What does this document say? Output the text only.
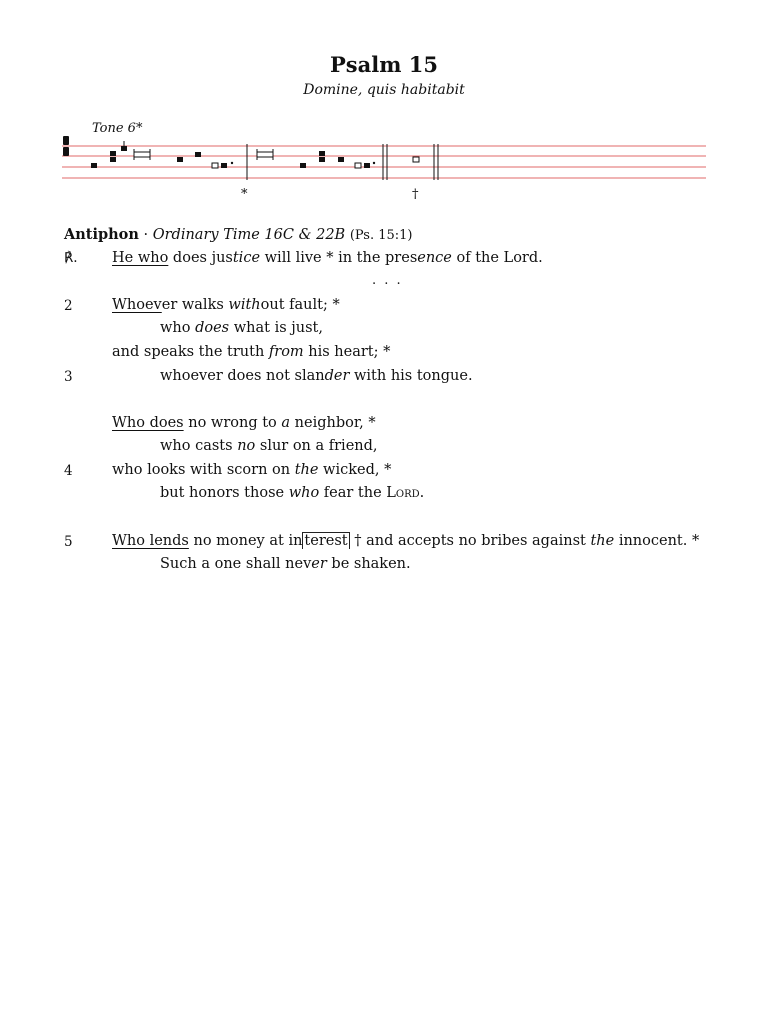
Psalm 15
Domine, quis habitabit
Tone 6*
*	†
Antiphon · Ordinary Time 16C & 22B (Ps. 15:1)
℟. He who does justice will live * in the presence of the Lord.
. . .
2	Whoever walks without fault; *
who does what is just,
and speaks the truth from his heart; *
3	whoever does not slander with his tongue.
Who does no wrong to a neighbor, *
who casts no slur on a friend,
4	who looks with scorn on the wicked, *
but honors those who fear the Lord.
5	Who lends no money at in terest † and accepts no bribes against the innocent. *
Such a one shall never be shaken.
